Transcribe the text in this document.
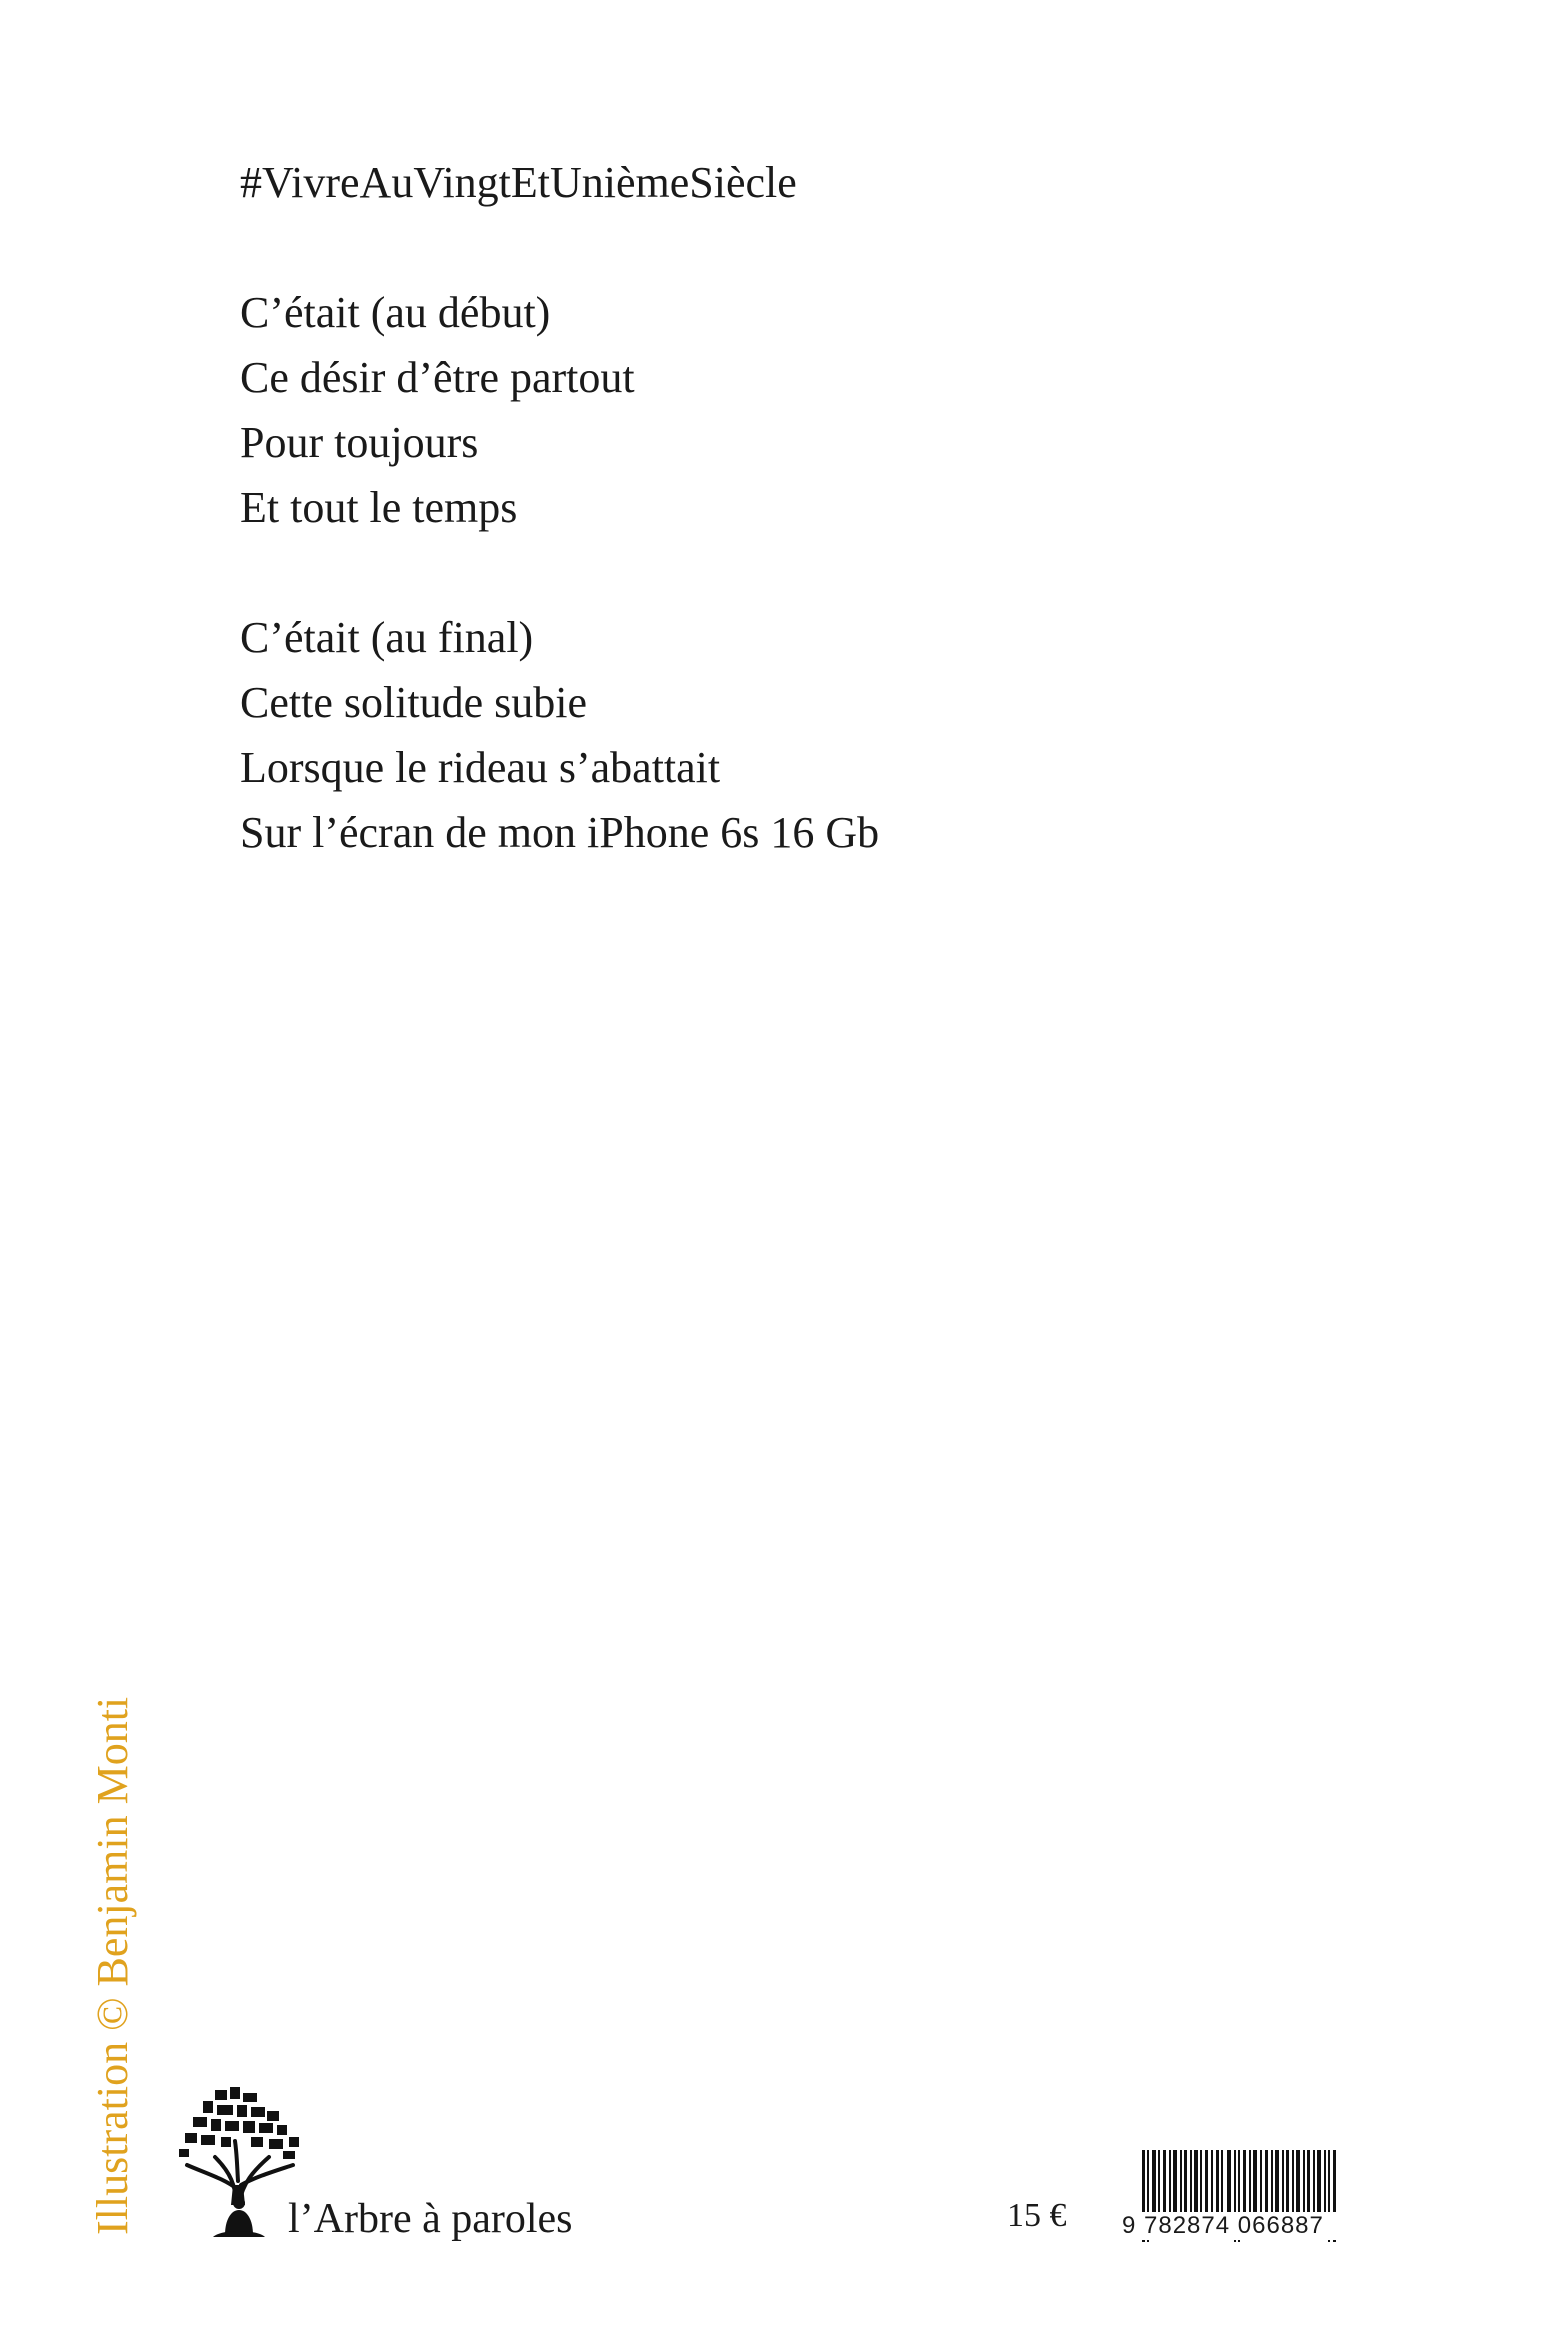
#VivreAuVingtEtUnièmeSiècle
C’était (au début)
Ce désir d’être partout
Pour toujours
Et tout le temps
C’était (au final)
Cette solitude subie
Lorsque le rideau s’abattait
Sur l’écran de mon iPhone 6s 16 Gb
Illustration © Benjamin Monti	l’Arbre à paroles	15 € 9 782874 066887
